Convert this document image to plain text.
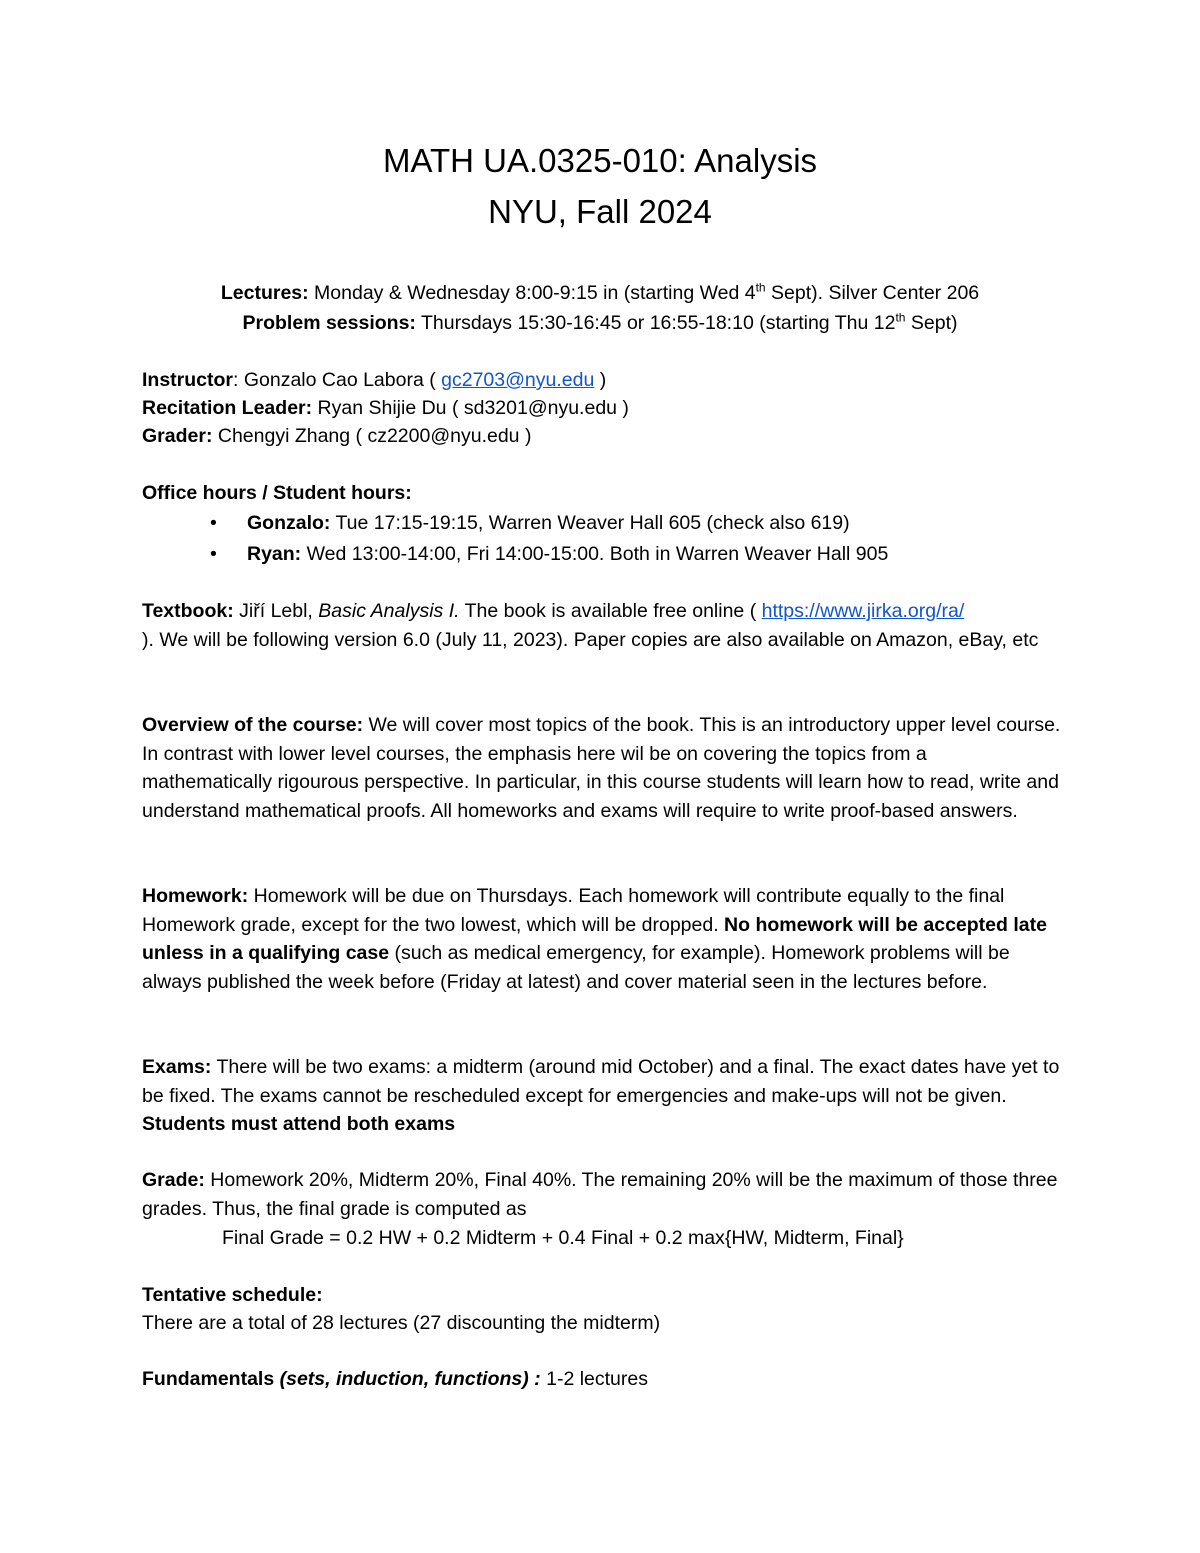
MATH UA.0325-010: Analysis
NYU, Fall 2024
Lectures: Monday & Wednesday 8:00-9:15 in (starting Wed 4th Sept). Silver Center 206
Problem sessions: Thursdays 15:30-16:45 or 16:55-18:10 (starting Thu 12th Sept)
Instructor: Gonzalo Cao Labora ( gc2703@nyu.edu )
Recitation Leader: Ryan Shijie Du ( sd3201@nyu.edu )
Grader: Chengyi Zhang ( cz2200@nyu.edu )
Office hours / Student hours:
• Gonzalo: Tue 17:15-19:15, Warren Weaver Hall 605 (check also 619)
• Ryan: Wed 13:00-14:00, Fri 14:00-15:00. Both in Warren Weaver Hall 905
Textbook: Jiří Lebl, Basic Analysis I. The book is available free online ( https://www.jirka.org/ra/
). We will be following version 6.0 (July 11, 2023). Paper copies are also available on Amazon, eBay, etc
Overview of the course: We will cover most topics of the book. This is an introductory upper level course. In contrast with lower level courses, the emphasis here wil be on covering the topics from a mathematically rigourous perspective. In particular, in this course students will learn how to read, write and understand mathematical proofs. All homeworks and exams will require to write proof-based answers.
Homework: Homework will be due on Thursdays. Each homework will contribute equally to the final Homework grade, except for the two lowest, which will be dropped. No homework will be accepted late unless in a qualifying case (such as medical emergency, for example). Homework problems will be always published the week before (Friday at latest) and cover material seen in the lectures before.
Exams: There will be two exams: a midterm (around mid October) and a final. The exact dates have yet to be fixed. The exams cannot be rescheduled except for emergencies and make-ups will not be given. Students must attend both exams
Grade: Homework 20%, Midterm 20%, Final 40%. The remaining 20% will be the maximum of those three grades. Thus, the final grade is computed as
Final Grade = 0.2 HW + 0.2 Midterm + 0.4 Final + 0.2 max{HW, Midterm, Final}
Tentative schedule:
There are a total of 28 lectures (27 discounting the midterm)
Fundamentals (sets, induction, functions) : 1-2 lectures
